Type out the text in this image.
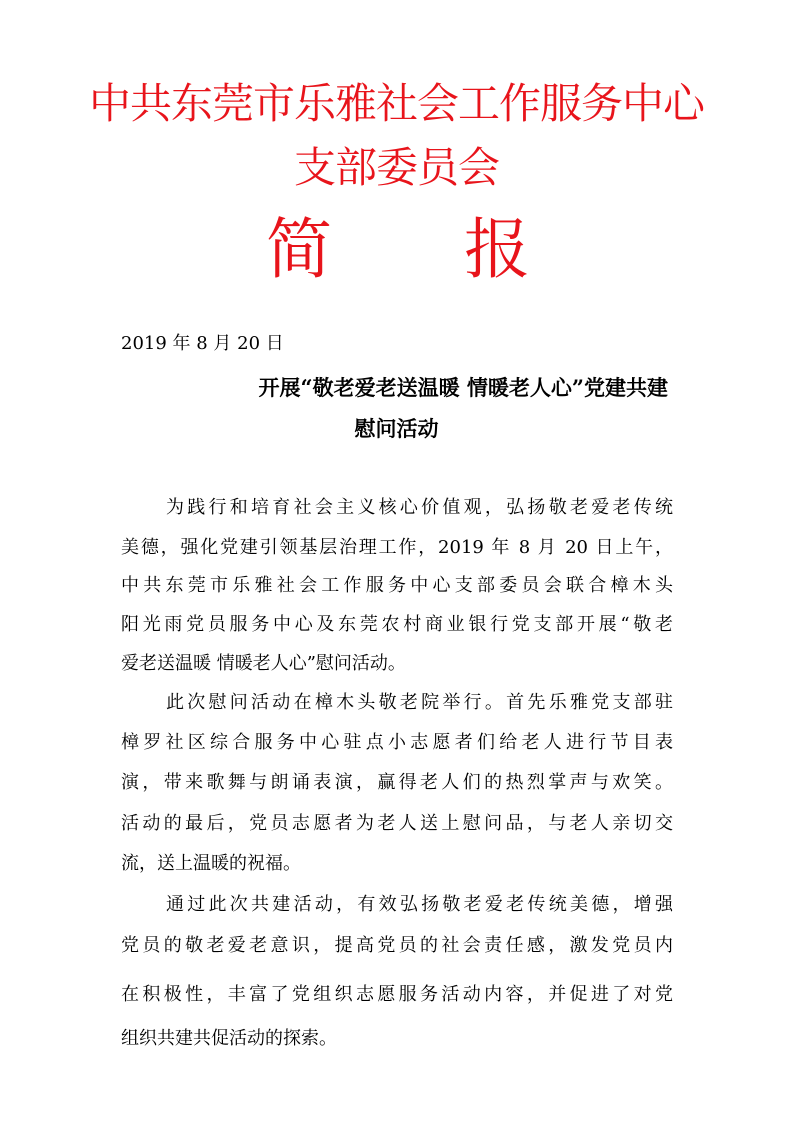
中共东莞市乐雅社会工作服务中心
支部委员会
简 报
2019 年 8 月 20 日
开展“敬老爱老送温暖 情暖老人心”党建共建
慰问活动
为践行和培育社会主义核心价值观，弘扬敬老爱老传统
美德，强化党建引领基层治理工作，2019 年 8 月 20 日上午，
中共东莞市乐雅社会工作服务中心支部委员会联合樟木头
阳光雨党员服务中心及东莞农村商业银行党支部开展“敬老
爱老送温暖 情暖老人心”慰问活动。
此次慰问活动在樟木头敬老院举行。首先乐雅党支部驻
樟罗社区综合服务中心驻点小志愿者们给老人进行节目表
演，带来歌舞与朗诵表演，赢得老人们的热烈掌声与欢笑。
活动的最后，党员志愿者为老人送上慰问品，与老人亲切交
流，送上温暖的祝福。
通过此次共建活动，有效弘扬敬老爱老传统美德，增强
党员的敬老爱老意识，提高党员的社会责任感，激发党员内
在积极性，丰富了党组织志愿服务活动内容，并促进了对党
组织共建共促活动的探索。
